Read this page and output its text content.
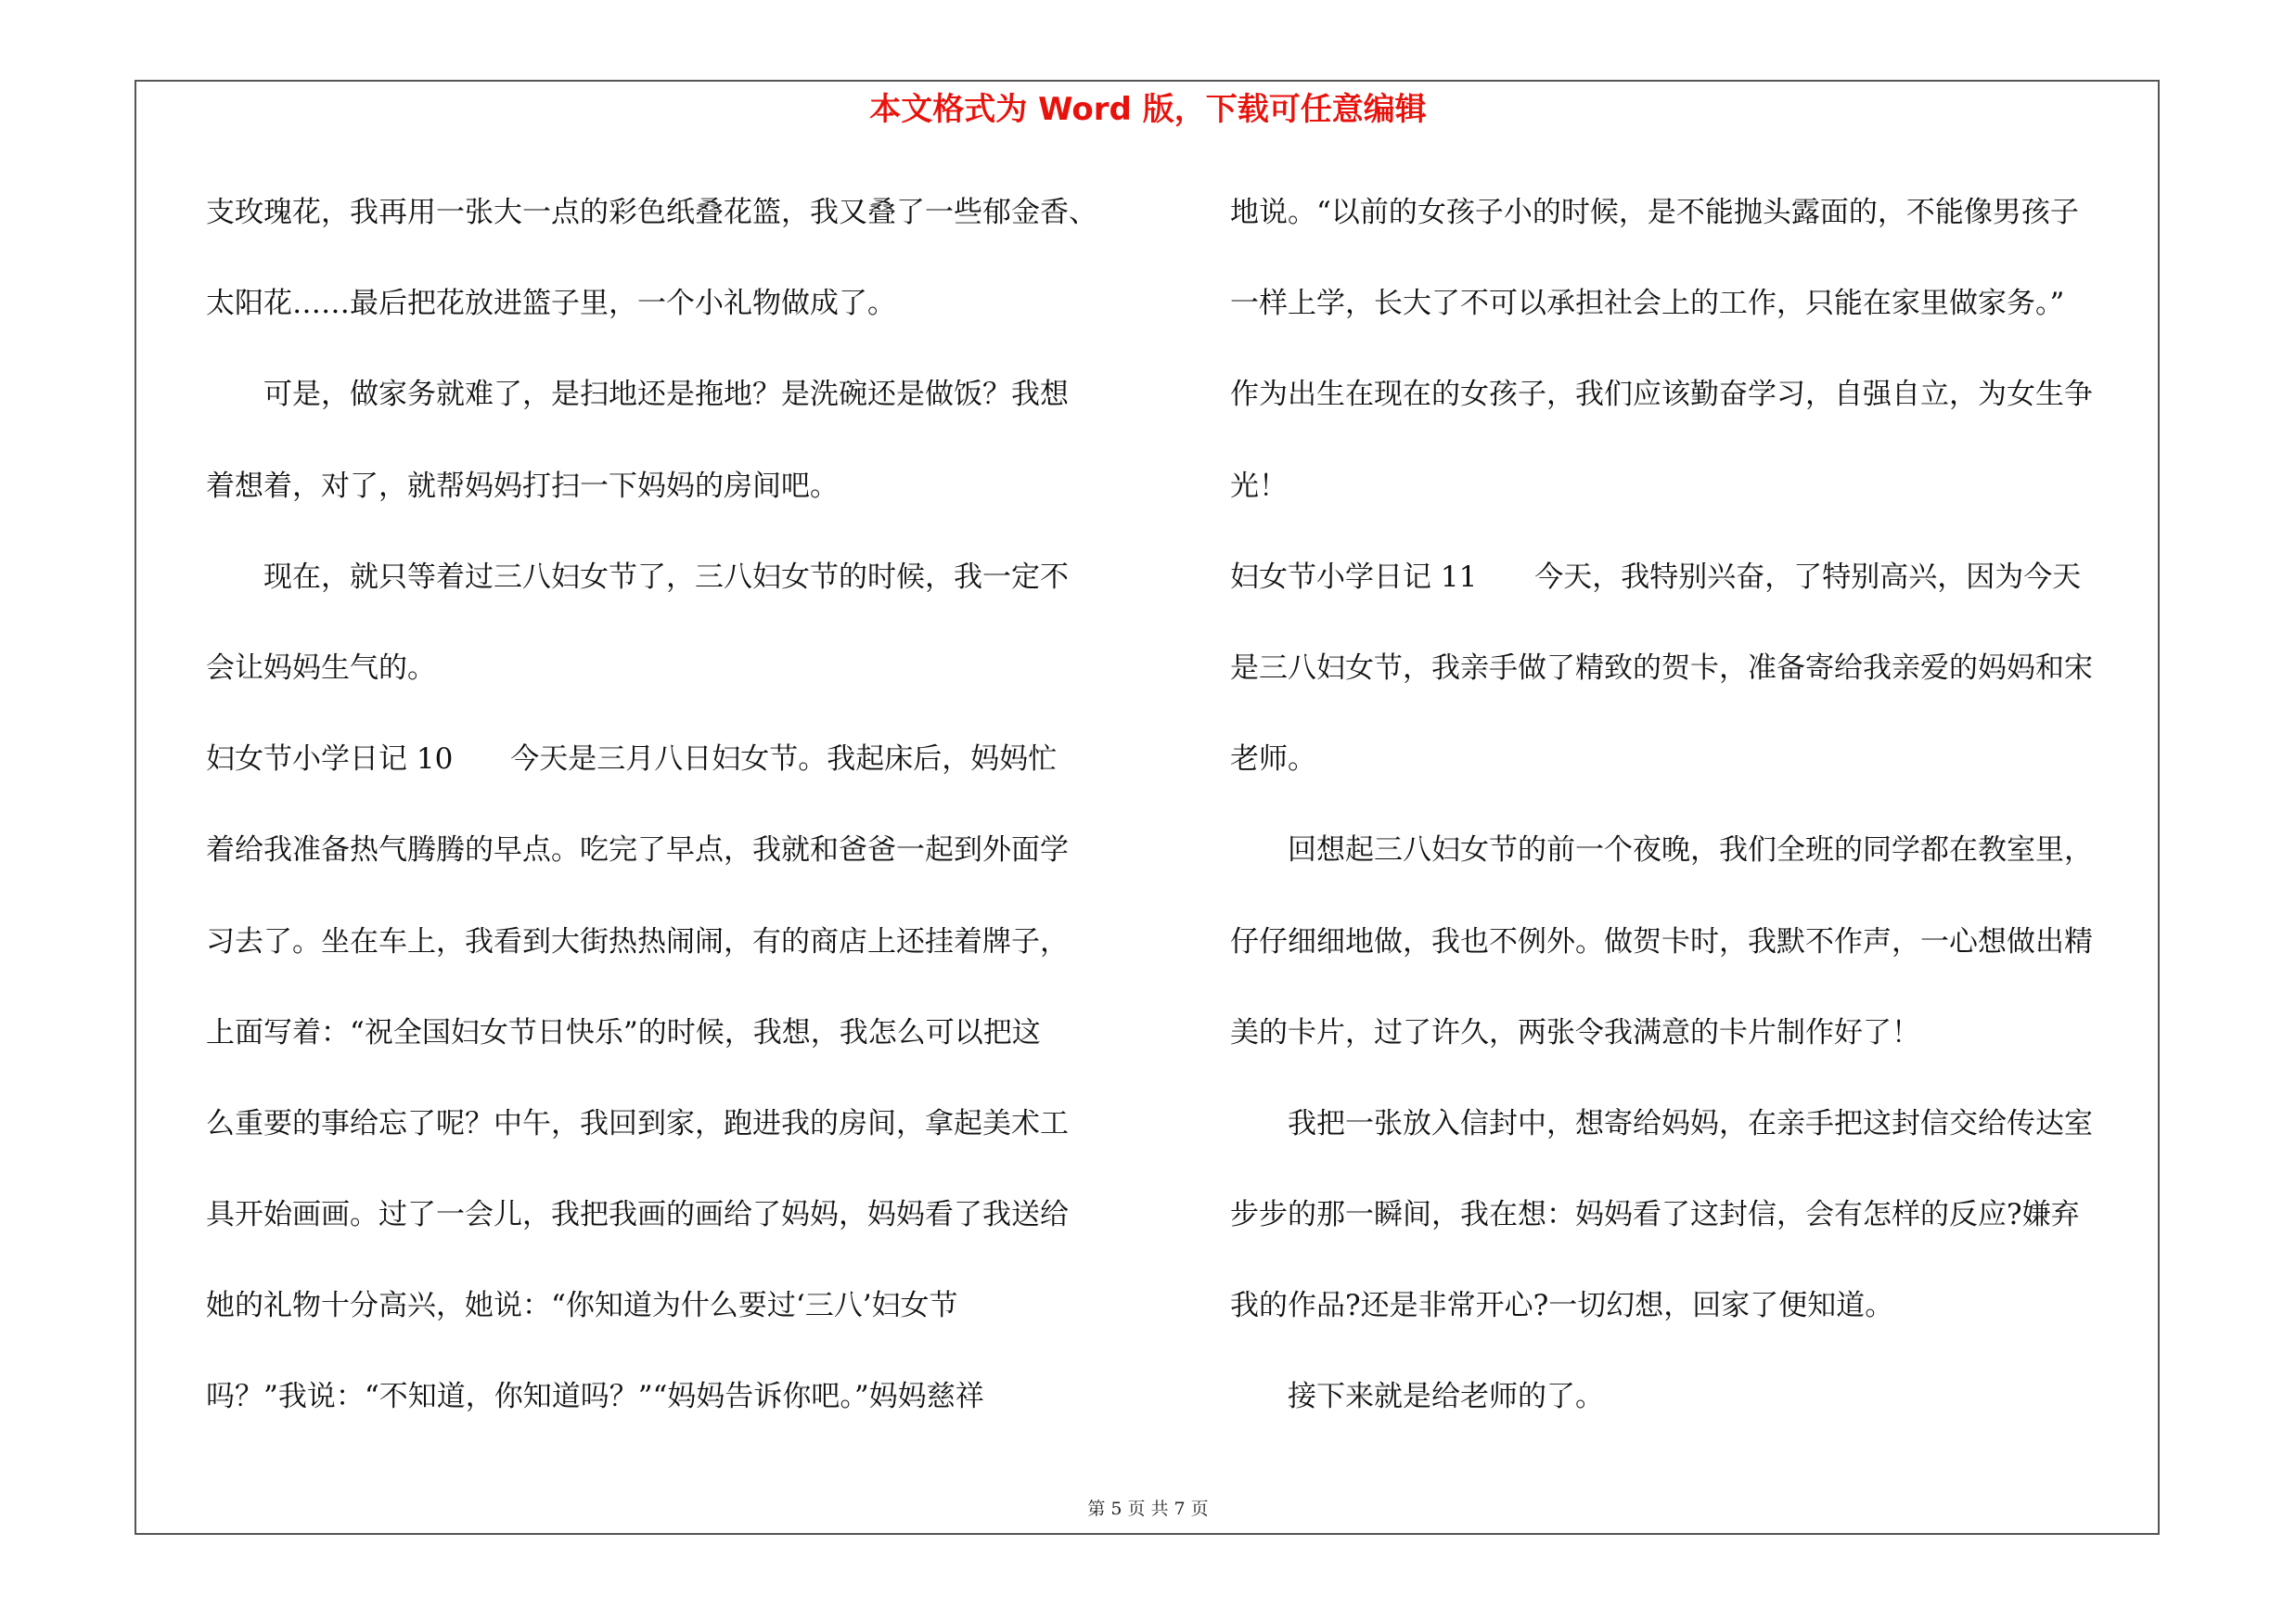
本文格式为 Word 版，下载可任意编辑
支玫瑰花，我再用一张大一点的彩色纸叠花篮，我又叠了一些郁金香、
太阳花……最后把花放进篮子里，一个小礼物做成了。
　　可是，做家务就难了，是扫地还是拖地？是洗碗还是做饭？我想
着想着，对了，就帮妈妈打扫一下妈妈的房间吧。
　　现在，就只等着过三八妇女节了，三八妇女节的时候，我一定不
会让妈妈生气的。
妇女节小学日记 10　　今天是三月八日妇女节。我起床后，妈妈忙
着给我准备热气腾腾的早点。吃完了早点，我就和爸爸一起到外面学
习去了。坐在车上，我看到大街热热闹闹，有的商店上还挂着牌子，
上面写着：“祝全国妇女节日快乐”的时候，我想，我怎么可以把这
么重要的事给忘了呢？中午，我回到家，跑进我的房间，拿起美术工
具开始画画。过了一会儿，我把我画的画给了妈妈，妈妈看了我送给
她的礼物十分高兴，她说：“你知道为什么要过‘三八’妇女节
吗？”我说：“不知道，你知道吗？”“妈妈告诉你吧。”妈妈慈祥
地说。“以前的女孩子小的时候，是不能抛头露面的，不能像男孩子
一样上学，长大了不可以承担社会上的工作，只能在家里做家务。”
作为出生在现在的女孩子，我们应该勤奋学习，自强自立，为女生争
光！
妇女节小学日记 11　　今天，我特别兴奋，了特别高兴，因为今天
是三八妇女节，我亲手做了精致的贺卡，准备寄给我亲爱的妈妈和宋
老师。
　　回想起三八妇女节的前一个夜晚，我们全班的同学都在教室里，
仔仔细细地做，我也不例外。做贺卡时，我默不作声，一心想做出精
美的卡片，过了许久，两张令我满意的卡片制作好了！
　　我把一张放入信封中，想寄给妈妈，在亲手把这封信交给传达室
步步的那一瞬间，我在想：妈妈看了这封信，会有怎样的反应?嫌弃
我的作品?还是非常开心?一切幻想，回家了便知道。
　　接下来就是给老师的了。
第 5 页 共 7 页
